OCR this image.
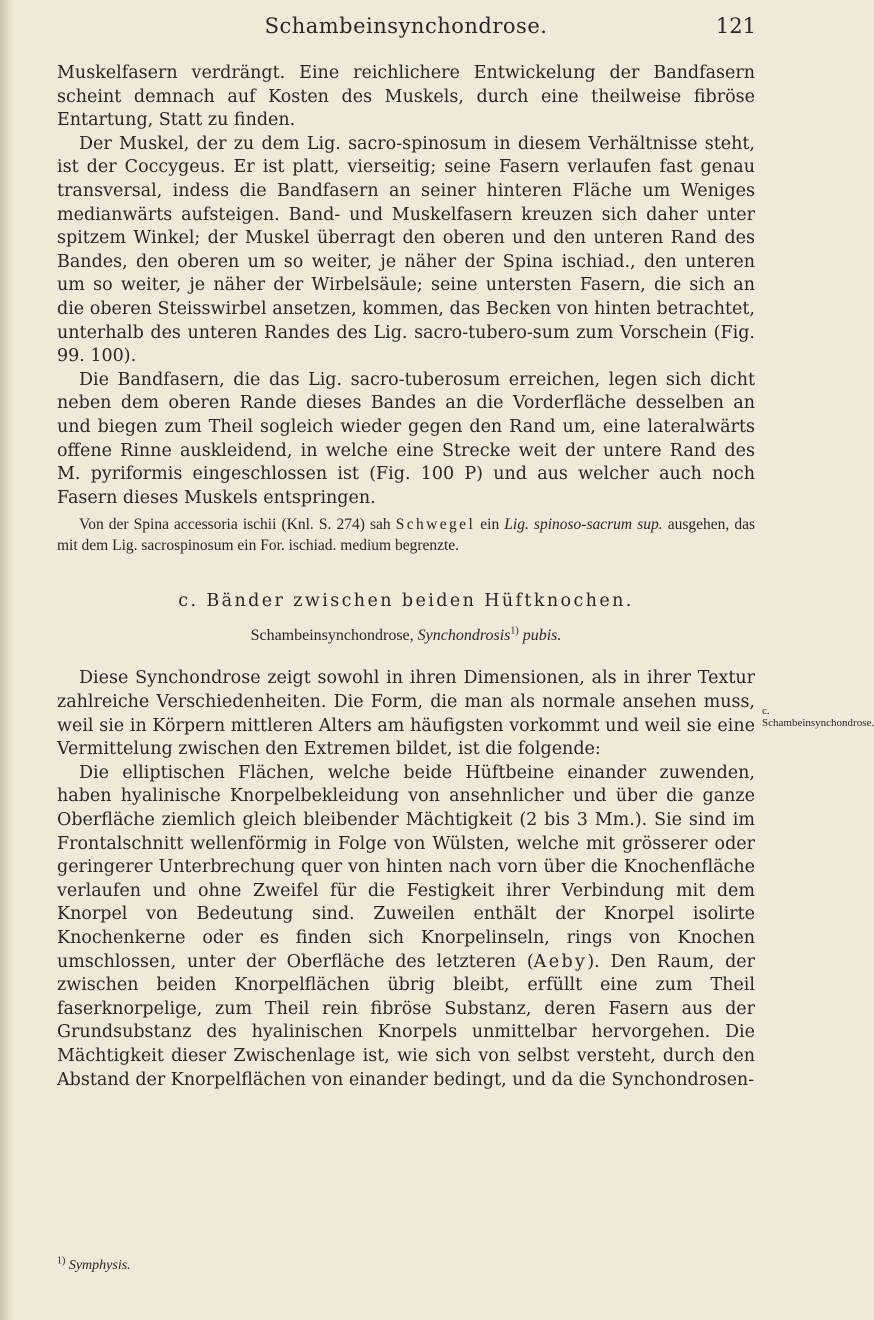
Schambeinsynchondrose.	121

Muskelfasern verdrängt. Eine reichlichere Entwickelung der Bandfasern scheint demnach auf Kosten des Muskels, durch eine theilweise fibröse Entartung, Statt zu finden.

Der Muskel, der zu dem Lig. sacro-spinosum in diesem Verhältnisse steht, ist der Coccygeus. Er ist platt, vierseitig; seine Fasern verlaufen fast genau transversal, indess die Bandfasern an seiner hinteren Fläche um Weniges medianwärts aufsteigen. Band- und Muskelfasern kreuzen sich daher unter spitzem Winkel; der Muskel überragt den oberen und den unteren Rand des Bandes, den oberen um so weiter, je näher der Spina ischiad., den unteren um so weiter, je näher der Wirbelsäule; seine untersten Fasern, die sich an die oberen Steisswirbel ansetzen, kommen, das Becken von hinten betrachtet, unterhalb des unteren Randes des Lig. sacro-tubero-sum zum Vorschein (Fig. 99. 100).

Die Bandfasern, die das Lig. sacro-tuberosum erreichen, legen sich dicht neben dem oberen Rande dieses Bandes an die Vorderfläche desselben an und biegen zum Theil sogleich wieder gegen den Rand um, eine lateralwärts offene Rinne auskleidend, in welche eine Strecke weit der untere Rand des M. pyriformis eingeschlossen ist (Fig. 100 P) und aus welcher auch noch Fasern dieses Muskels entspringen.

Von der Spina accessoria ischii (Knl. S. 274) sah Schwegel ein Lig. spinoso-sacrum sup. ausgehen, das mit dem Lig. sacrospinosum ein For. ischiad. medium begrenzte.

c. Bänder zwischen beiden Hüftknochen.

Schambeinsynchondrose, Synchondrosis$^{1)}$ pubis.

Diese Synchondrose zeigt sowohl in ihren Dimensionen, als in ihrer Textur zahlreiche Verschiedenheiten. Die Form, die man als normale ansehen muss, weil sie in Körpern mittleren Alters am häufigsten vorkommt und weil sie eine Vermittelung zwischen den Extremen bildet, ist die folgende:

Die elliptischen Flächen, welche beide Hüftbeine einander zuwenden, haben hyalinische Knorpelbekleidung von ansehnlicher und über die ganze Oberfläche ziemlich gleich bleibender Mächtigkeit (2 bis 3 Mm.). Sie sind im Frontalschnitt wellenförmig in Folge von Wülsten, welche mit grösserer oder geringerer Unterbrechung quer von hinten nach vorn über die Knochenfläche verlaufen und ohne Zweifel für die Festigkeit ihrer Verbindung mit dem Knorpel von Bedeutung sind. Zuweilen enthält der Knorpel isolirte Knochenkerne oder es finden sich Knorpelinseln, rings von Knochen umschlossen, unter der Oberfläche des letzteren (Aeby). Den Raum, der zwischen beiden Knorpelflächen übrig bleibt, erfüllt eine zum Theil faserknorpelige, zum Theil rein fibröse Substanz, deren Fasern aus der Grundsubstanz des hyalinischen Knorpels unmittelbar hervorgehen. Die Mächtigkeit dieser Zwischenlage ist, wie sich von selbst versteht, durch den Abstand der Knorpelflächen von einander bedingt, und da die Synchondrosen-

c. Schambeinsynchondrose.
$^{1)}$ Symphysis.
